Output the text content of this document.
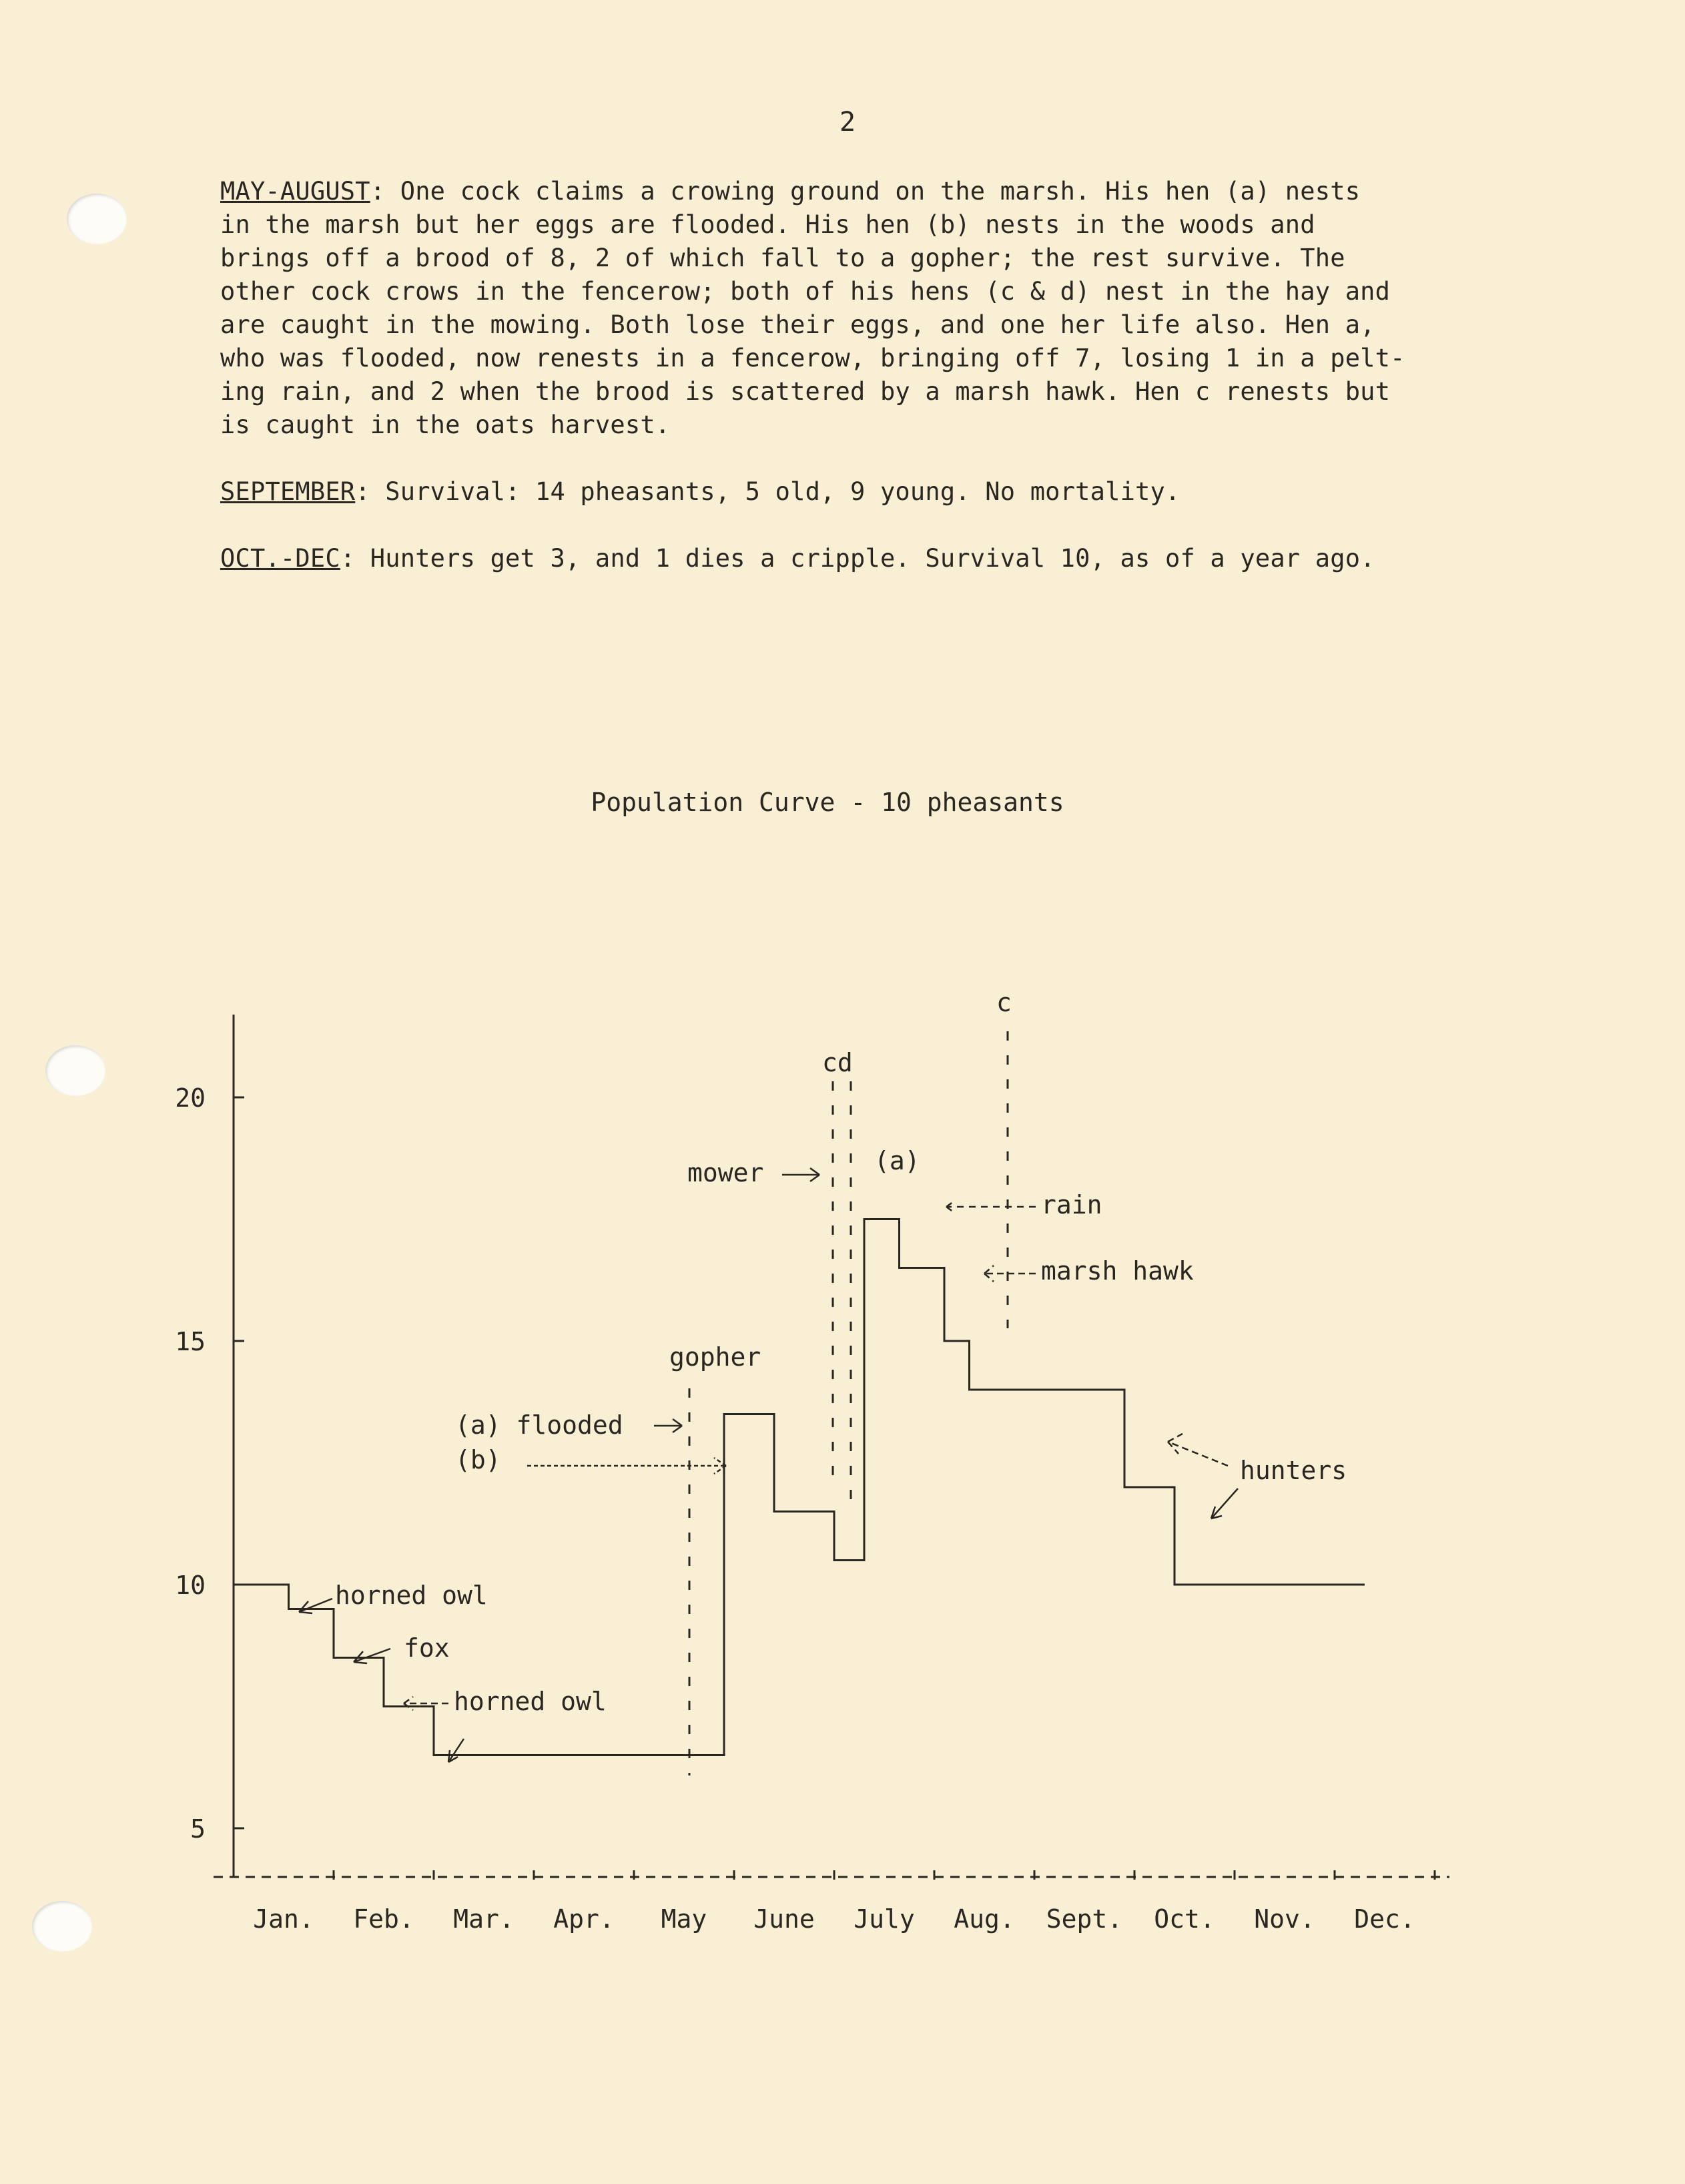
2
MAY-AUGUST: One cock claims a crowing ground on the marsh. His hen (a) nests
in the marsh but her eggs are flooded. His hen (b) nests in the woods and
brings off a brood of 8, 2 of which fall to a gopher; the rest survive. The
other cock crows in the fencerow; both of his hens (c & d) nest in the hay and
are caught in the mowing. Both lose their eggs, and one her life also. Hen a,
who was flooded, now renests in a fencerow, bringing off 7, losing 1 in a pelt-
ing rain, and 2 when the brood is scattered by a marsh hawk. Hen c renests but
is caught in the oats harvest.
SEPTEMBER: Survival: 14 pheasants, 5 old, 9 young. No mortality.
OCT.-DEC: Hunters get 3, and 1 dies a cripple. Survival 10, as of a year ago.
Population Curve - 10 pheasants
5
10
15
20
Jan. Feb. Mar. Apr. May June July Aug. Sept. Oct. Nov. Dec.
horned owl
fox
horned owl
(a) flooded
(b)
gopher
mower
cd
(a)
c
rain
marsh hawk
hunters
